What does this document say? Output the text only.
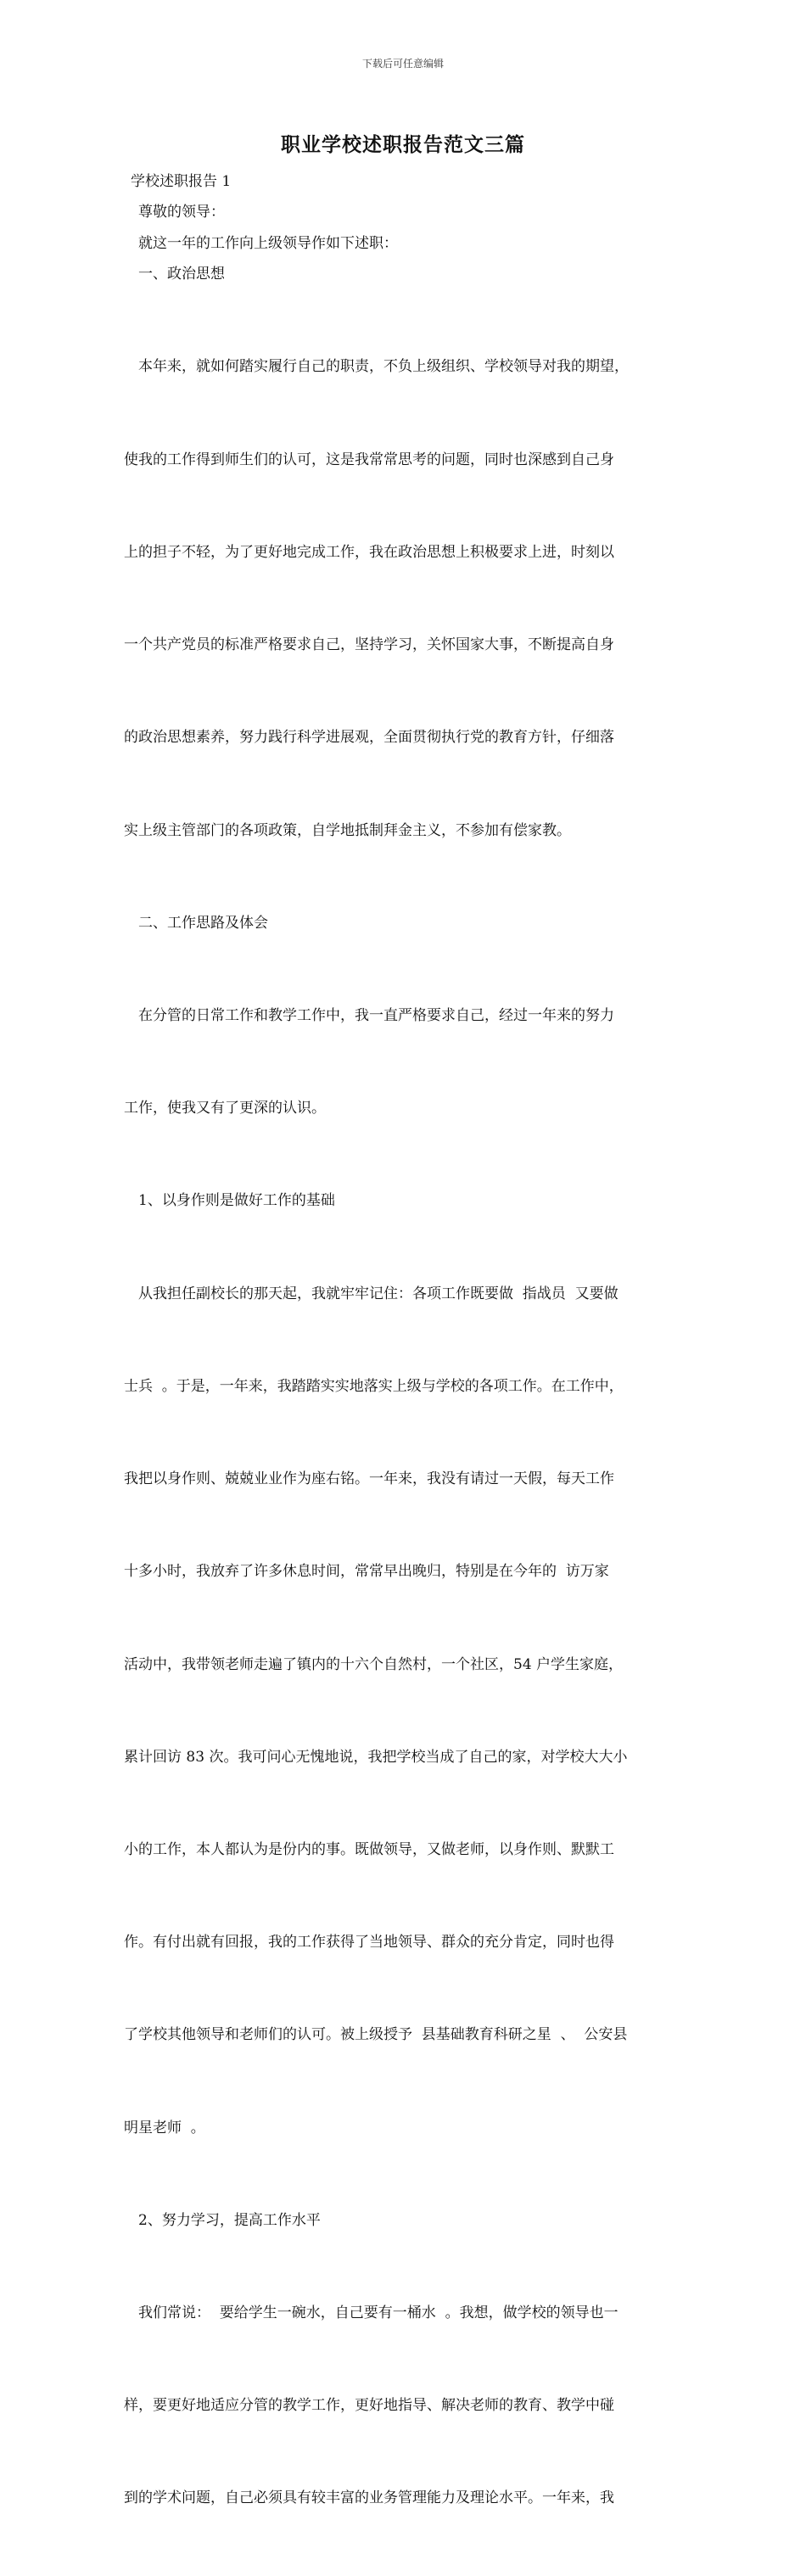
下载后可任意编辑
职业学校述职报告范文三篇
学校述职报告 1
尊敬的领导：
就这一年的工作向上级领导作如下述职：
一、政治思想

本年来，就如何踏实履行自己的职责，不负上级组织、学校领导对我的期望，

使我的工作得到师生们的认可，这是我常常思考的问题，同时也深感到自己身

上的担子不轻，为了更好地完成工作，我在政治思想上积极要求上进，时刻以

一个共产党员的标准严格要求自己，坚持学习，关怀国家大事，不断提高自身

的政治思想素养，努力践行科学进展观，全面贯彻执行党的教育方针，仔细落

实上级主管部门的各项政策，自学地抵制拜金主义，不参加有偿家教。

二、工作思路及体会

在分管的日常工作和教学工作中，我一直严格要求自己，经过一年来的努力

工作，使我又有了更深的认识。

1、以身作则是做好工作的基础

从我担任副校长的那天起，我就牢牢记住：各项工作既要做  指战员  又要做

士兵  。于是，一年来，我踏踏实实地落实上级与学校的各项工作。在工作中，

我把以身作则、兢兢业业作为座右铭。一年来，我没有请过一天假，每天工作

十多小时，我放弃了许多休息时间，常常早出晚归，特别是在今年的  访万家

活动中，我带领老师走遍了镇内的十六个自然村，一个社区，54 户学生家庭，

累计回访 83 次。我可问心无愧地说，我把学校当成了自己的家，对学校大大小

小的工作，本人都认为是份内的事。既做领导，又做老师，以身作则、默默工

作。有付出就有回报，我的工作获得了当地领导、群众的充分肯定，同时也得

了学校其他领导和老师们的认可。被上级授予  县基础教育科研之星  、  公安县

明星老师  。

2、努力学习，提高工作水平

我们常说：  要给学生一碗水，自己要有一桶水  。我想，做学校的领导也一

样，要更好地适应分管的教学工作，更好地指导、解决老师的教育、教学中碰

到的学术问题，自己必须具有较丰富的业务管理能力及理论水平。一年来，我
